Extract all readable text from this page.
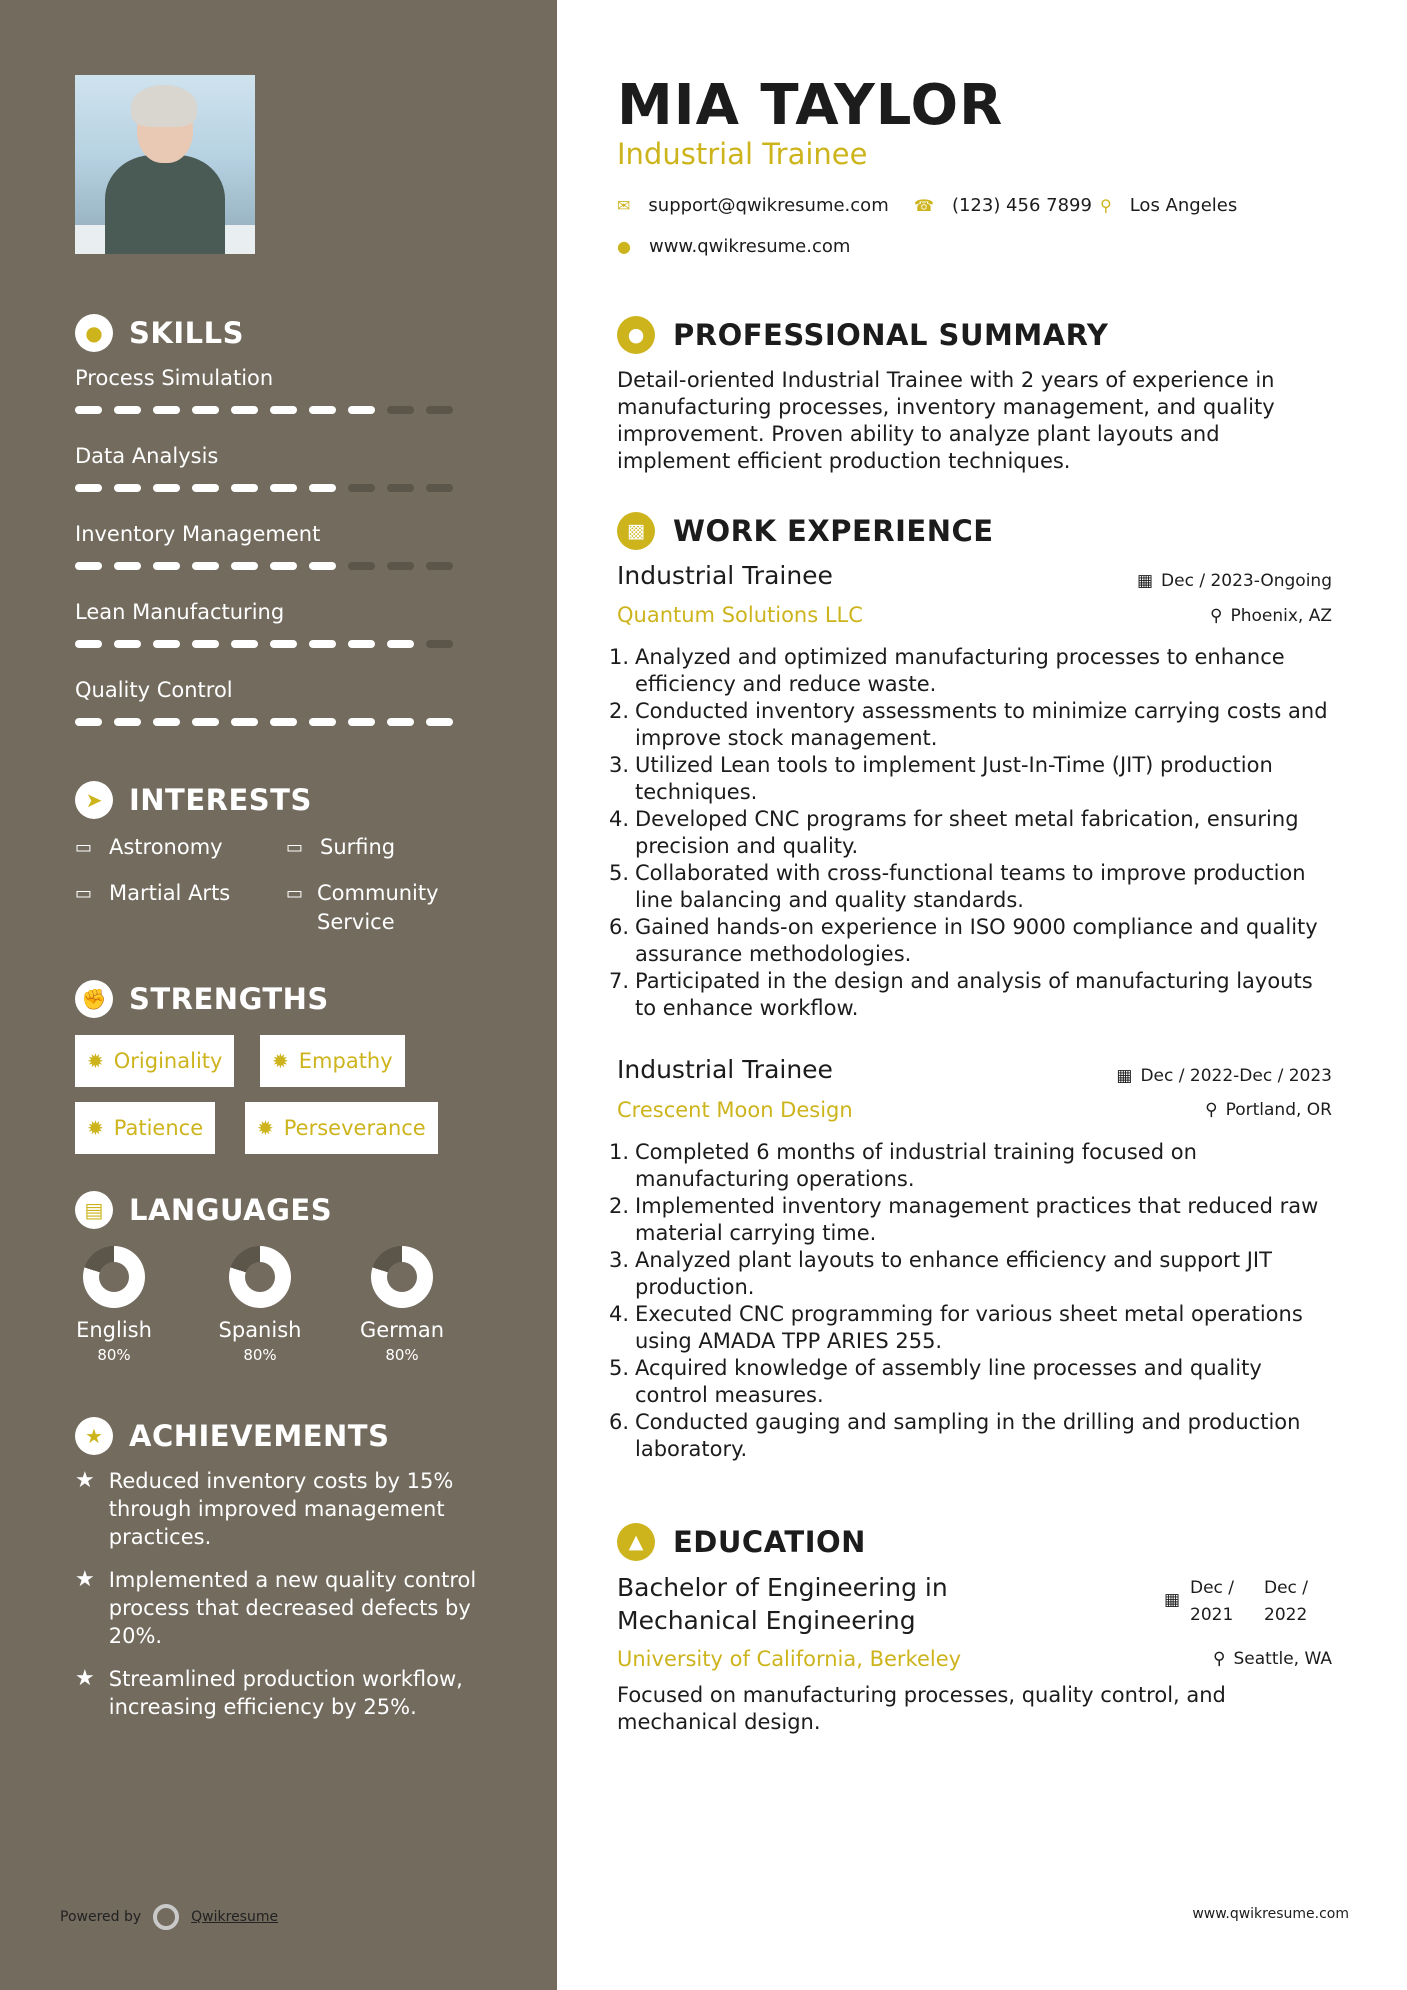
● SKILLS
Process Simulation
Data Analysis
Inventory Management
Lean Manufacturing
Quality Control
➤ INTERESTS
▭ Astronomy	▭ Surfing
▭ Martial Arts	▭ Community Service
✊ STRENGTHS
✹ Originality ✹ Empathy
✹ Patience	✹ Perseverance
▤ LANGUAGES
English
80%
Spanish
80%
German
80%
★ ACHIEVEMENTS
★ Reduced inventory costs by 15% through improved management practices.
★ Implemented a new quality control process that decreased defects by 20%.
★ Streamlined production workflow, increasing efficiency by 25%.
Powered by	Qwikresume
MIA TAYLOR
Industrial Trainee
✉ support@qwikresume.com ☎ (123) 456 7899 ⚲ Los Angeles
● www.qwikresume.com
● PROFESSIONAL SUMMARY
Detail-oriented Industrial Trainee with 2 years of experience in manufacturing processes, inventory management, and quality improvement. Proven ability to analyze plant layouts and implement efficient production techniques.
▩ WORK EXPERIENCE
Industrial Trainee	▦ Dec / 2023-Ongoing
Quantum Solutions LLC	⚲ Phoenix, AZ
1. Analyzed and optimized manufacturing processes to enhance efficiency and reduce waste.
2. Conducted inventory assessments to minimize carrying costs and improve stock management.
3. Utilized Lean tools to implement Just-In-Time (JIT) production techniques.
4. Developed CNC programs for sheet metal fabrication, ensuring precision and quality.
5. Collaborated with cross-functional teams to improve production line balancing and quality standards.
6. Gained hands-on experience in ISO 9000 compliance and quality assurance methodologies.
7. Participated in the design and analysis of manufacturing layouts to enhance workflow.
Industrial Trainee	▦ Dec / 2022-Dec / 2023
Crescent Moon Design	⚲ Portland, OR
1. Completed 6 months of industrial training focused on manufacturing operations.
2. Implemented inventory management practices that reduced raw material carrying time.
3. Analyzed plant layouts to enhance efficiency and support JIT production.
4. Executed CNC programming for various sheet metal operations using AMADA TPP ARIES 255.
5. Acquired knowledge of assembly line processes and quality control measures.
6. Conducted gauging and sampling in the drilling and production laboratory.
▲	EDUCATION
Bachelor of Engineering in Mechanical Engineering
▦
Dec /
2021
Dec /
2022
University of California, Berkeley	⚲ Seattle, WA
Focused on manufacturing processes, quality control, and mechanical design.
www.qwikresume.com
